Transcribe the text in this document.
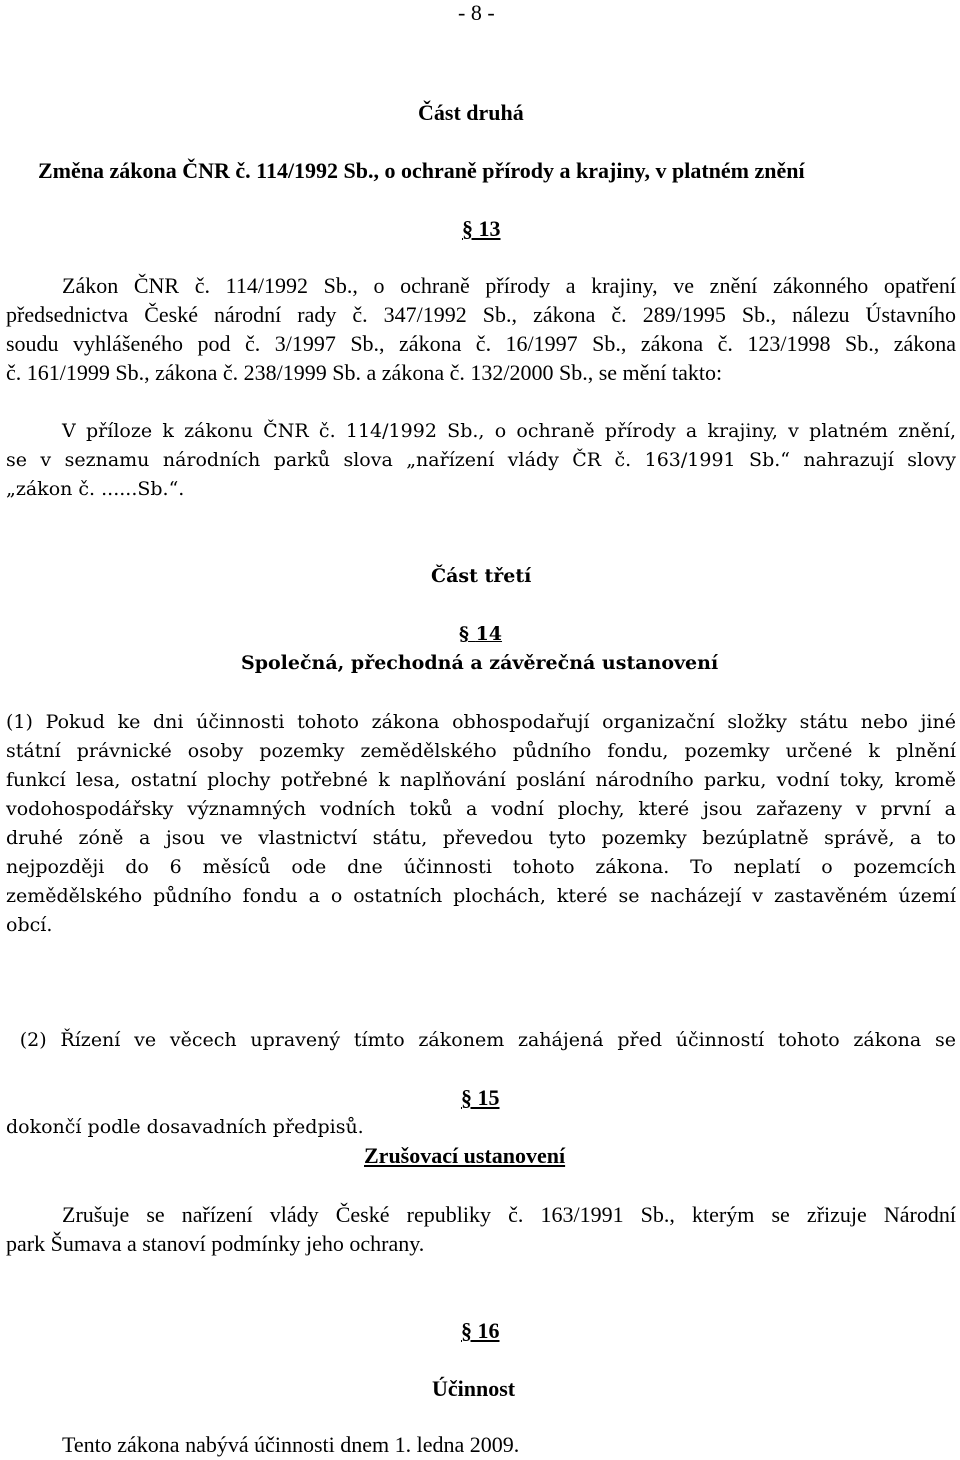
- 8 -
Část druhá
Změna zákona ČNR č. 114/1992 Sb., o ochraně přírody a krajiny, v platném znění
§ 13
Zákon ČNR č. 114/1992 Sb., o ochraně přírody a krajiny, ve znění zákonného opatření
předsednictva České národní rady č. 347/1992 Sb., zákona č. 289/1995 Sb., nálezu Ústavního
soudu vyhlášeného pod č. 3/1997 Sb., zákona č. 16/1997 Sb., zákona č. 123/1998 Sb., zákona
č. 161/1999 Sb., zákona č. 238/1999 Sb. a zákona č. 132/2000 Sb., se mění takto:
V příloze k zákonu ČNR č. 114/1992 Sb., o ochraně přírody a krajiny, v platném znění,
se v seznamu národních parků slova „nařízení vlády ČR č. 163/1991 Sb.“ nahrazují slovy
„zákon č. ......Sb.“.
Část třetí
§ 14
Společná, přechodná a závěrečná ustanovení
(1) Pokud ke dni účinnosti tohoto zákona obhospodařují organizační složky státu nebo jiné
státní právnické osoby pozemky zemědělského půdního fondu, pozemky určené k plnění
funkcí lesa, ostatní plochy potřebné k naplňování poslání národního parku, vodní toky, kromě
vodohospodářsky významných vodních toků a vodní plochy, které jsou zařazeny v první a
druhé zóně a jsou ve vlastnictví státu, převedou tyto pozemky bezúplatně správě, a to
nejpozději do 6 měsíců ode dne účinnosti tohoto zákona. To neplatí o pozemcích
zemědělského půdního fondu a o ostatních plochách, které se nacházejí v zastavěném území
obcí.

(2) Řízení ve věcech upravený tímto zákonem zahájená před účinností tohoto zákona se

dokončí podle dosavadních předpisů.

§ 15
Zrušovací ustanovení
Zrušuje se nařízení vlády České republiky č. 163/1991 Sb., kterým se zřizuje Národní
park Šumava a stanoví podmínky jeho ochrany.
§ 16
Účinnost
Tento zákona nabývá účinnosti dnem 1. ledna 2009.
